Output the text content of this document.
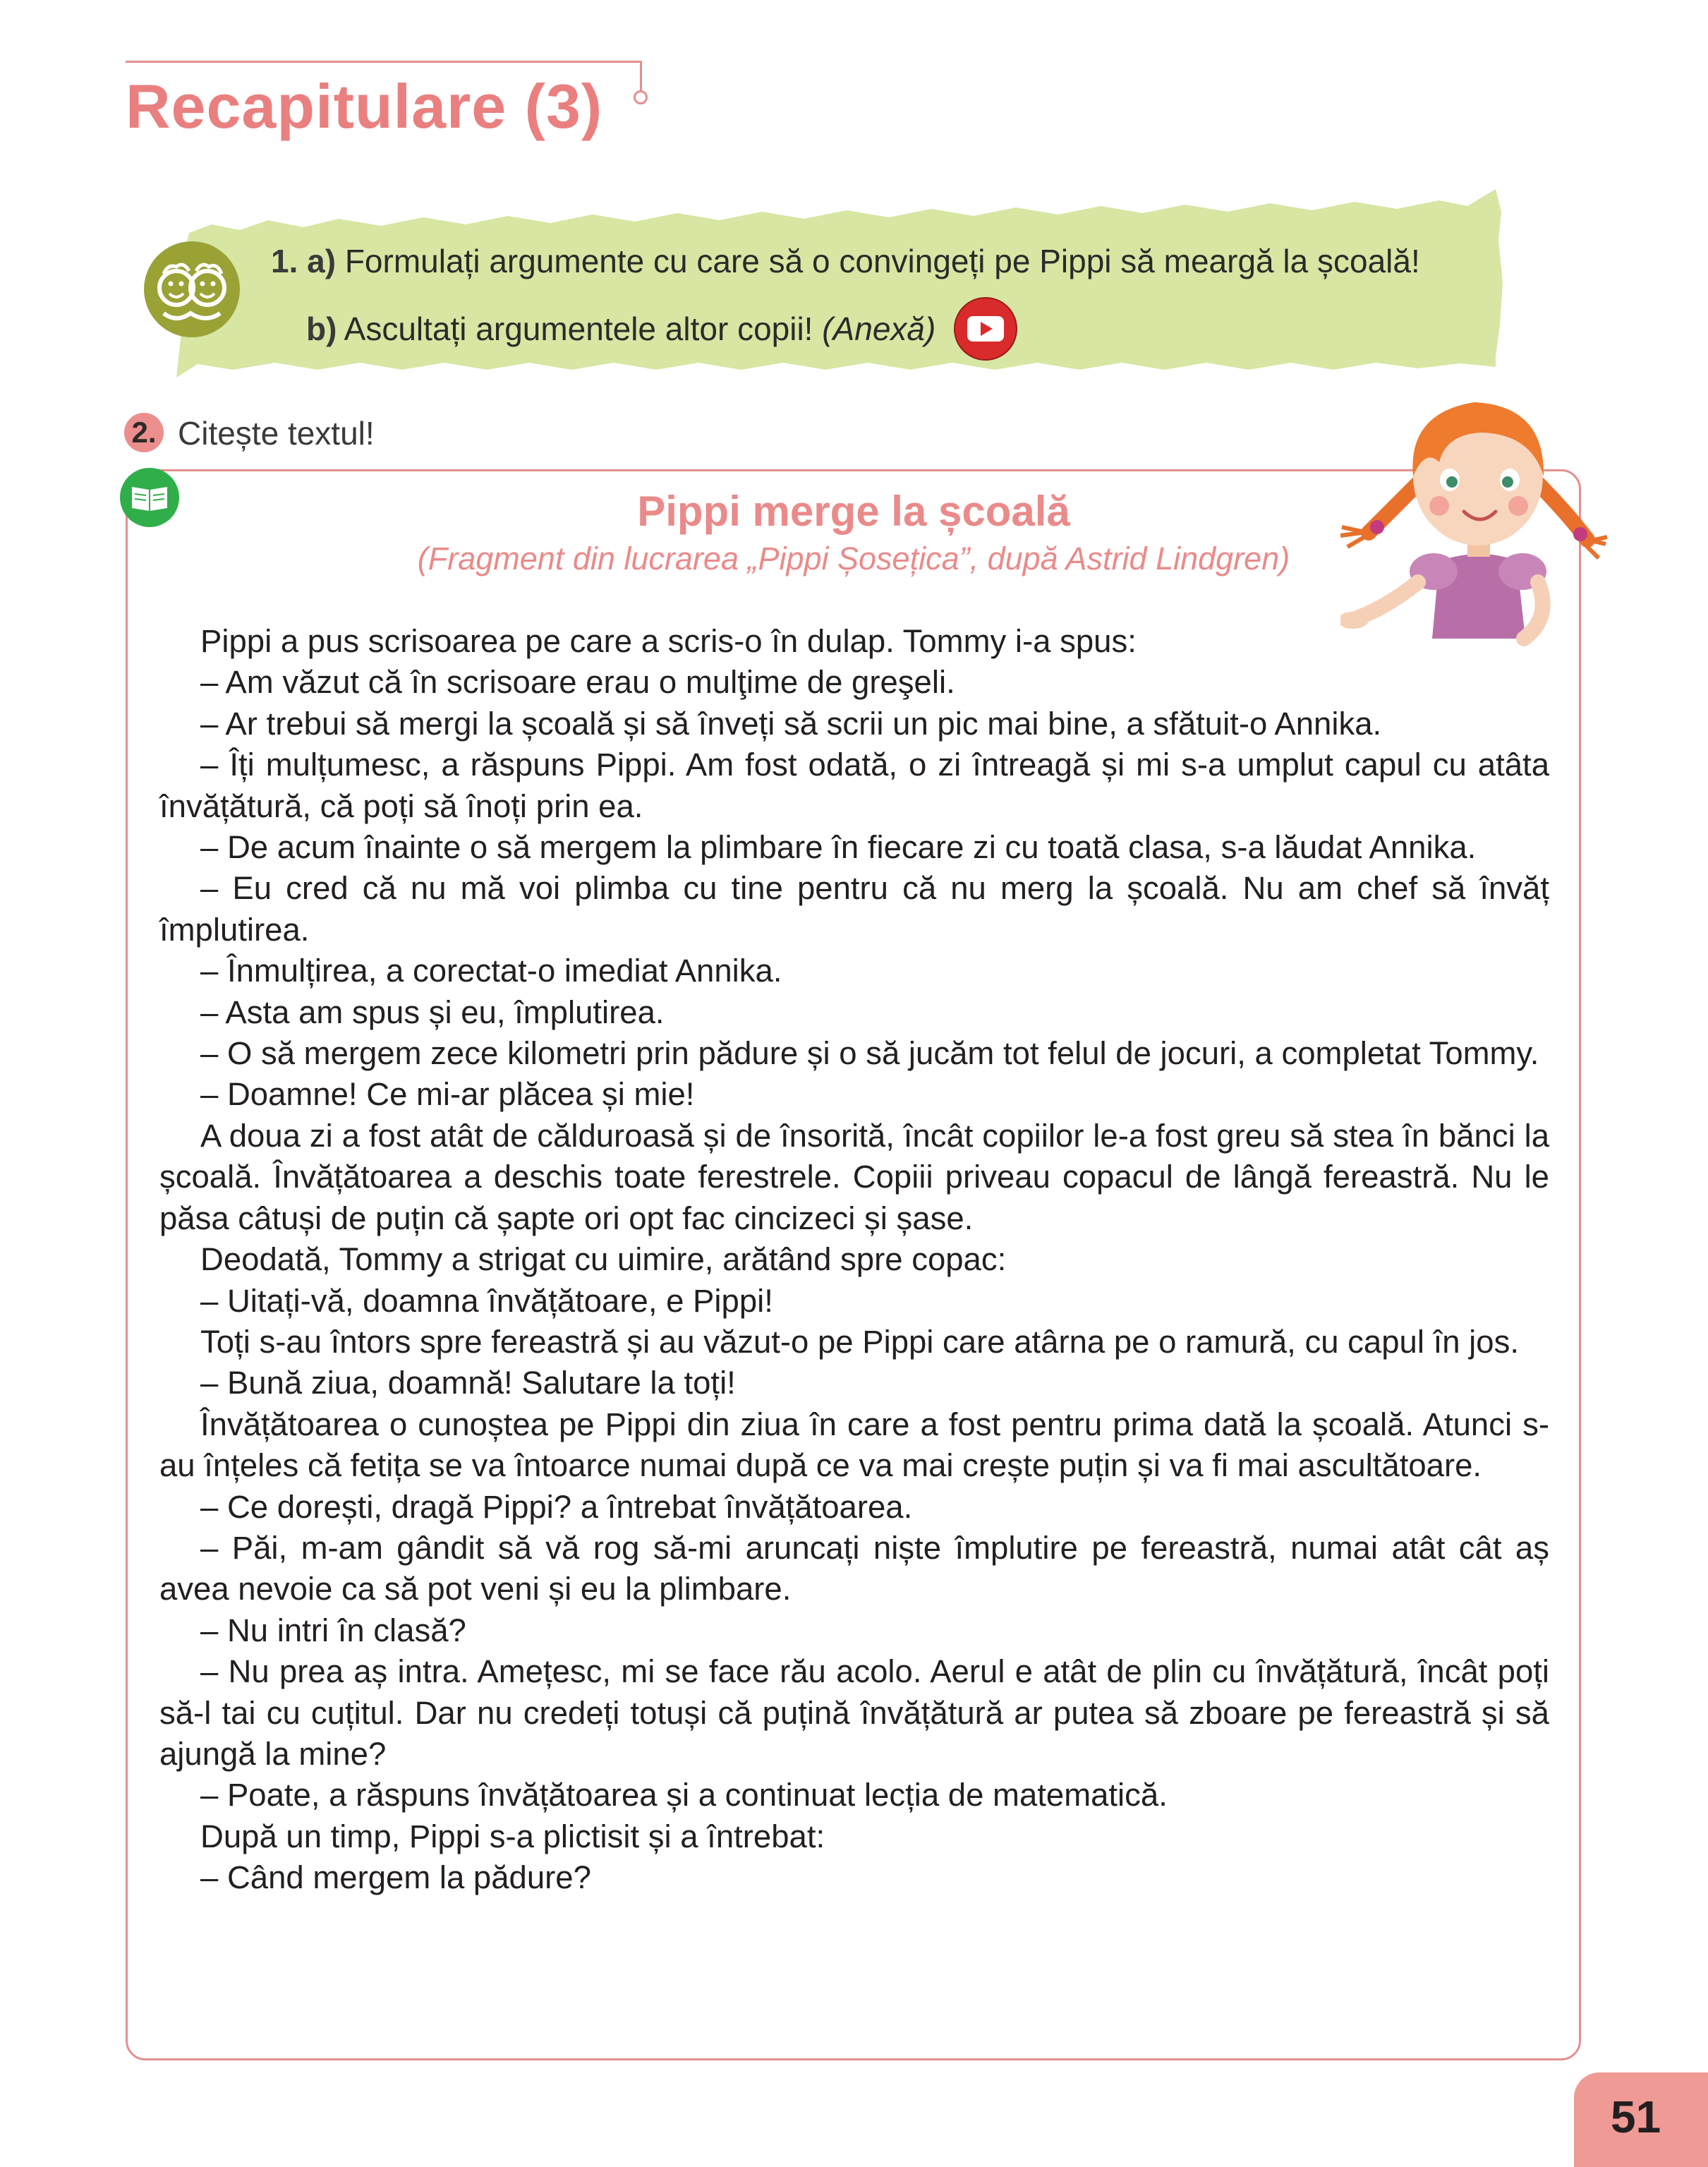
Recapitulare (3)
1. a) Formulați argumente cu care să o convingeți pe Pippi să meargă la școală!
b) Ascultați argumentele altor copii! (Anexă)
2. Citește textul!
Pippi merge la școală
(Fragment din lucrarea „Pippi Șosețica”, după Astrid Lindgren)

Pippi a pus scrisoarea pe care a scris-o în dulap. Tommy i-a spus:

– Am văzut că în scrisoare erau o mulţime de greşeli.

– Ar trebui să mergi la școală și să înveți să scrii un pic mai bine, a sfătuit-o Annika.

– Îți mulțumesc, a răspuns Pippi. Am fost odată, o zi întreagă și mi s-a umplut capul cu atâta învățătură, că poți să înoți prin ea.

– De acum înainte o să mergem la plimbare în fiecare zi cu toată clasa, s-a lăudat Annika.

– Eu cred că nu mă voi plimba cu tine pentru că nu merg la școală. Nu am chef să învăț împlutirea.

– Înmulțirea, a corectat-o imediat Annika.

– Asta am spus și eu, împlutirea.

– O să mergem zece kilometri prin pădure și o să jucăm tot felul de jocuri, a completat Tommy.

– Doamne! Ce mi-ar plăcea și mie!

A doua zi a fost atât de călduroasă și de însorită, încât copiilor le-a fost greu să stea în bănci la școală. Învățătoarea a deschis toate ferestrele. Copiii priveau copacul de lângă fereastră. Nu le păsa câtuși de puțin că șapte ori opt fac cincizeci și șase.

Deodată, Tommy a strigat cu uimire, arătând spre copac:

– Uitați-vă, doamna învățătoare, e Pippi!

Toți s-au întors spre fereastră și au văzut-o pe Pippi care atârna pe o ramură, cu capul în jos.

– Bună ziua, doamnă! Salutare la toți!

Învățătoarea o cunoștea pe Pippi din ziua în care a fost pentru prima dată la școală. Atunci s-au înțeles că fetița se va întoarce numai după ce va mai crește puțin și va fi mai ascultătoare.

– Ce dorești, dragă Pippi? a întrebat învățătoarea.

– Păi, m-am gândit să vă rog să-mi aruncați niște împlutire pe fereastră, numai atât cât aș avea nevoie ca să pot veni și eu la plimbare.

– Nu intri în clasă?

– Nu prea aș intra. Amețesc, mi se face rău acolo. Aerul e atât de plin cu învățătură, încât poți să-l tai cu cuțitul. Dar nu credeți totuși că puțină învățătură ar putea să zboare pe fereastră și să ajungă la mine?

– Poate, a răspuns învățătoarea și a continuat lecția de matematică.

După un timp, Pippi s-a plictisit și a întrebat:

– Când mergem la pădure?

51
